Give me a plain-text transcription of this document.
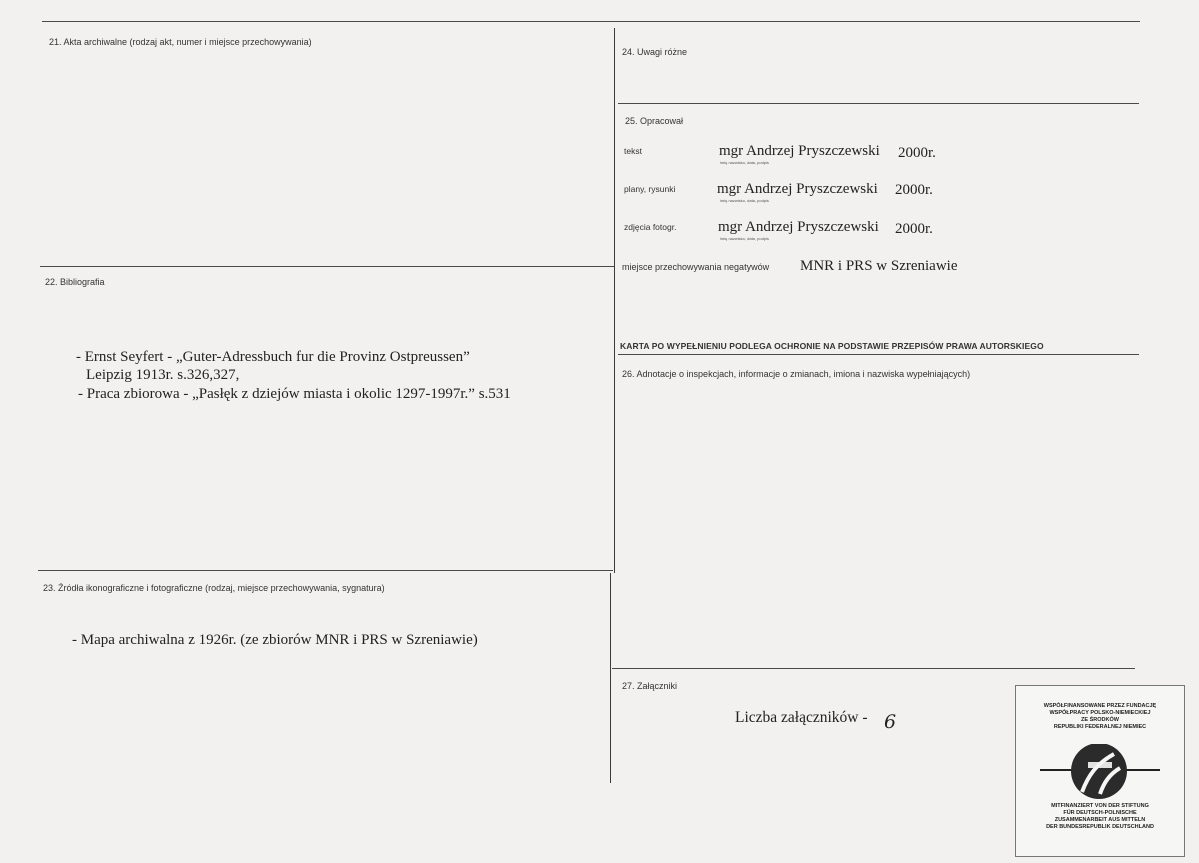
21. Akta archiwalne (rodzaj akt, numer i miejsce przechowywania)
22. Bibliografia
- Ernst Seyfert - „Guter-Adressbuch fur die Provinz Ostpreussen”
Leipzig 1913r. s.326,327,
- Praca zbiorowa - „Pasłęk z dziejów miasta i okolic 1297-1997r.” s.531
23. Źródła ikonograficzne i fotograficzne (rodzaj, miejsce przechowywania, sygnatura)
- Mapa archiwalna z 1926r. (ze zbiorów MNR i PRS w Szreniawie)
24. Uwagi różne
25. Opracował
tekst	mgr Andrzej Pryszczewski 2000r.
imię nazwisko, data, podpis
plany, rysunki	mgr Andrzej Pryszczewski 2000r.
imię nazwisko, data, podpis
zdjęcia fotogr.	mgr Andrzej Pryszczewski 2000r.
imię nazwisko, data, podpis
miejsce przechowywania negatywów MNR i PRS w Szreniawie
KARTA PO WYPEŁNIENIU PODLEGA OCHRONIE NA PODSTAWIE PRZEPISÓW PRAWA AUTORSKIEGO
26. Adnotacje o inspekcjach, informacje o zmianach, imiona i nazwiska wypełniających)
27. Załączniki
Liczba załączników - 6
WSPÓŁFINANSOWANE PRZEZ FUNDACJĘ
WSPÓŁPRACY POLSKO-NIEMIECKIEJ
ZE ŚRODKÓW
REPUBLIKI FEDERALNEJ NIEMIEC
MITFINANZIERT VON DER STIFTUNG
FÜR DEUTSCH-POLNISCHE
ZUSAMMENARBEIT AUS MITTELN
DER BUNDESREPUBLIK DEUTSCHLAND
